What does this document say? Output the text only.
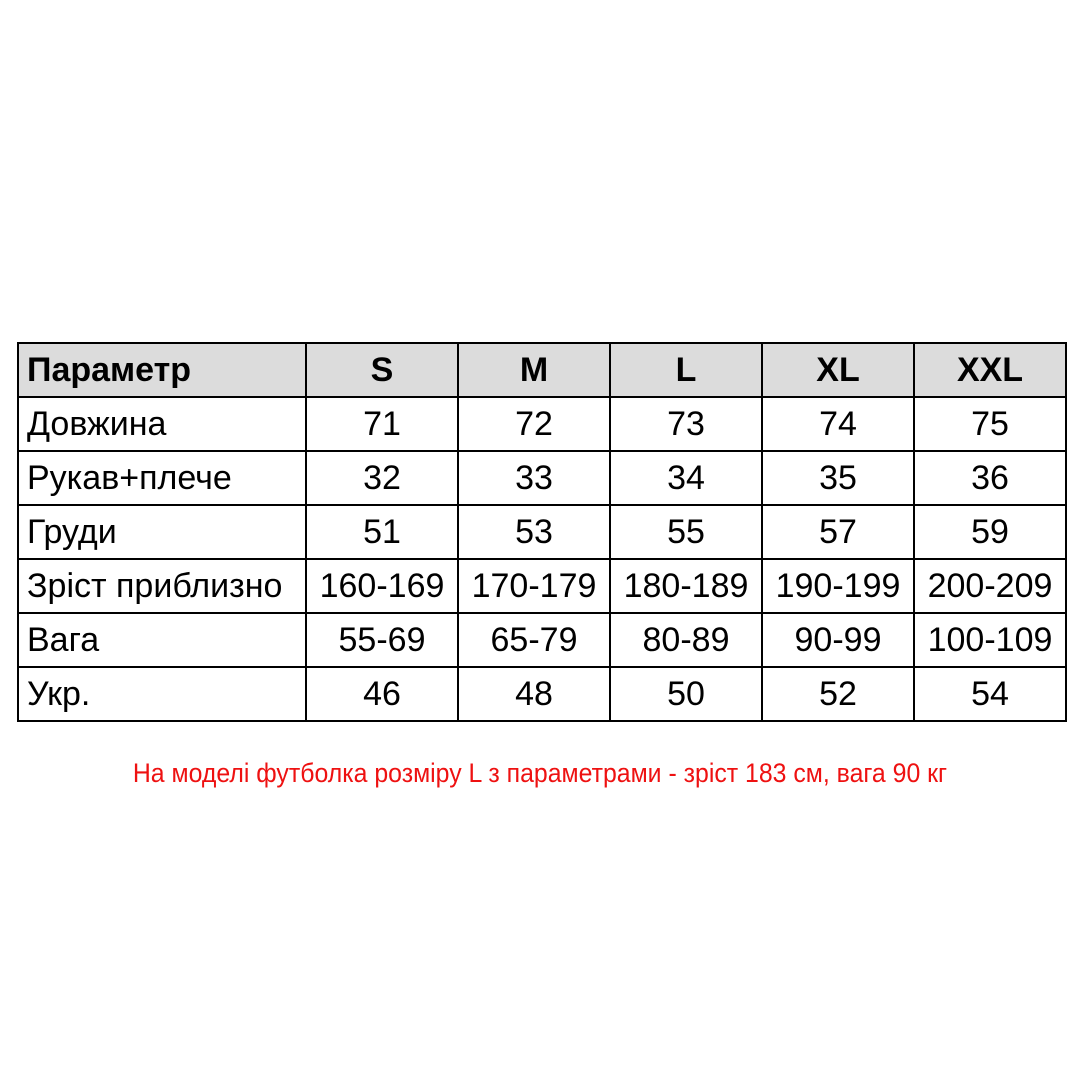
Параметр	S	M	L	XL	XXL
Довжина	71	72	73	74	75
Рукав+плече	32	33	34	35	36
Груди	51	53	55	57	59
Зріст приблизно	160-169	170-179	180-189	190-199	200-209
Вага	55-69	65-79	80-89	90-99	100-109
Укр.	46	48	50	52	54
На моделі футболка розміру L з параметрами - зріст 183 см, вага 90 кг
